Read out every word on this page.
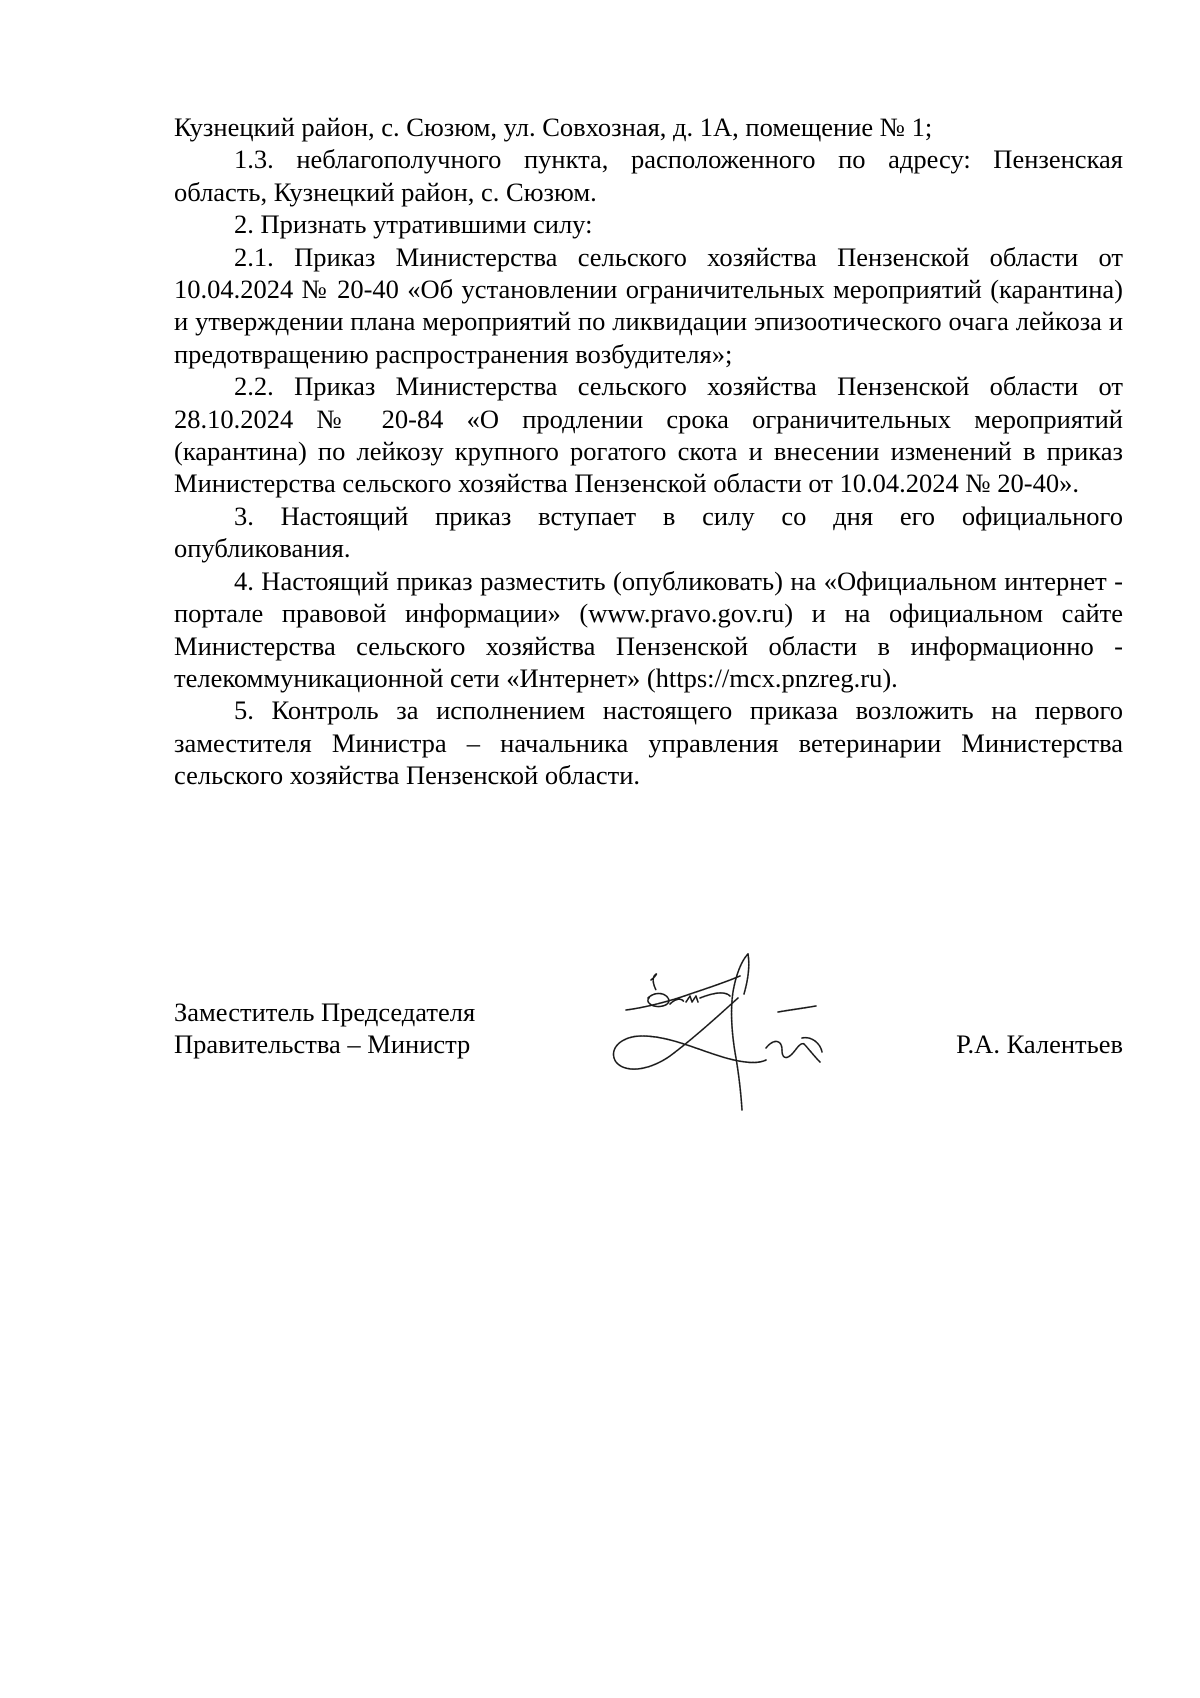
Кузнецкий район, с. Сюзюм, ул. Совхозная, д. 1А, помещение № 1;

1.3. неблагополучного пункта, расположенного по адресу: Пензенская область, Кузнецкий район, с. Сюзюм.

2. Признать утратившими силу:

2.1. Приказ Министерства сельского хозяйства Пензенской области от 10.04.2024 № 20-40 «Об установлении ограничительных мероприятий (карантина) и утверждении плана мероприятий по ликвидации эпизоотического очага лейкоза и предотвращению распространения возбудителя»;

2.2. Приказ Министерства сельского хозяйства Пензенской области от 28.10.2024 № 20-84 «О продлении срока ограничительных мероприятий (карантина) по лейкозу крупного рогатого скота и внесении изменений в приказ Министерства сельского хозяйства Пензенской области от 10.04.2024 № 20-40».

3. Настоящий приказ вступает в силу со дня его официального опубликования.

4. Настоящий приказ разместить (опубликовать) на «Официальном интернет - портале правовой информации» (www.pravo.gov.ru) и на официальном сайте Министерства сельского хозяйства Пензенской области в информационно - телекоммуникационной сети «Интернет» (https://mcx.pnzreg.ru).

5. Контроль за исполнением настоящего приказа возложить на первого заместителя Министра – начальника управления ветеринарии Министерства сельского хозяйства Пензенской области.

Заместитель Председателя
Правительства – Министр	Р.А. Калентьев
